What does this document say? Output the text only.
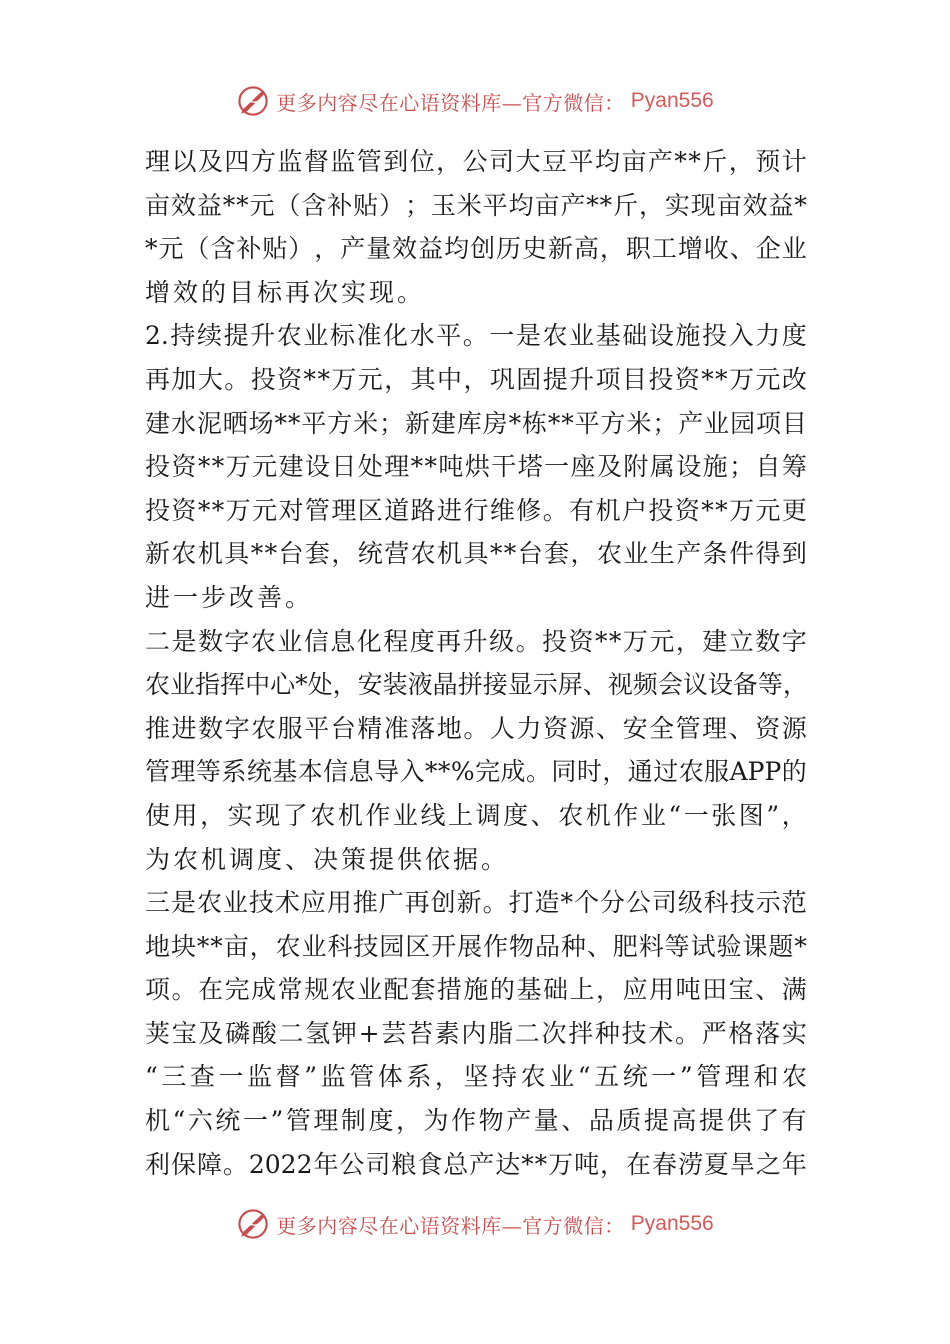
更多内容尽在心语资料库—官方微信： Pyan556
理 以 及 四 方 监 督 监 管 到 位 ， 公 司 大 豆 平 均 亩 产 * * 斤 ， 预 计
亩 效 益 * * 元 （ 含 补 贴 ） ； 玉 米 平 均 亩 产 * * 斤 ， 实 现 亩 效 益 *
* 元 （ 含 补 贴 ） ， 产 量 效 益 均 创 历 史 新 高 ， 职 工 增 收 、 企 业
增效的目标再次实现。
2. 持 续 提 升 农 业 标 准 化 水 平 。 一 是 农 业 基 础 设 施 投 入 力 度
再 加 大 。 投 资 * * 万 元 ， 其 中 ， 巩 固 提 升 项 目 投 资 * * 万 元 改
建 水 泥 晒 场 * * 平 方 米 ； 新 建 库 房 * 栋 * * 平 方 米 ； 产 业 园 项 目
投 资 * * 万 元 建 设 日 处 理 * * 吨 烘 干 塔 一 座 及 附 属 设 施 ； 自 筹
投 资 * * 万 元 对 管 理 区 道 路 进 行 维 修 。 有 机 户 投 资 * * 万 元 更
新 农 机 具 * * 台 套 ， 统 营 农 机 具 * * 台 套 ， 农 业 生 产 条 件 得 到
进一步改善。
二 是 数 字 农 业 信 息 化 程 度 再 升 级 。 投 资 * * 万 元 ， 建 立 数 字
农 业 指 挥 中 心 * 处 ， 安 装 液 晶 拼 接 显 示 屏 、 视 频 会 议 设 备 等 ，
推 进 数 字 农 服 平 台 精 准 落 地 。 人 力 资 源 、 安 全 管 理 、 资 源
管 理 等 系 统 基 本 信 息 导 入 * * % 完 成 。 同 时 ， 通 过 农 服 APP 的
使 用 ， 实 现 了 农 机 作 业 线 上 调 度 、 农 机 作 业 “ 一 张 图 ” ，
为农机调度、决策提供依据。
三 是 农 业 技 术 应 用 推 广 再 创 新 。 打 造 * 个 分 公 司 级 科 技 示 范
地 块 * * 亩 ， 农 业 科 技 园 区 开 展 作 物 品 种 、 肥 料 等 试 验 课 题 *
项 。 在 完 成 常 规 农 业 配 套 措 施 的 基 础 上 ， 应 用 吨 田 宝 、 满
荚 宝 及 磷 酸 二 氢 钾 + 芸 苔 素 内 脂 二 次 拌 种 技 术 。 严 格 落 实
“ 三 查 一 监 督 ” 监 管 体 系 ， 坚 持 农 业 “ 五 统 一 ” 管 理 和 农
机 “ 六 统 一 ” 管 理 制 度 ， 为 作 物 产 量 、 品 质 提 高 提 供 了 有
利 保 障 。 2022 年 公 司 粮 食 总 产 达 * * 万 吨 ， 在 春 涝 夏 旱 之 年
更多内容尽在心语资料库—官方微信： Pyan556
